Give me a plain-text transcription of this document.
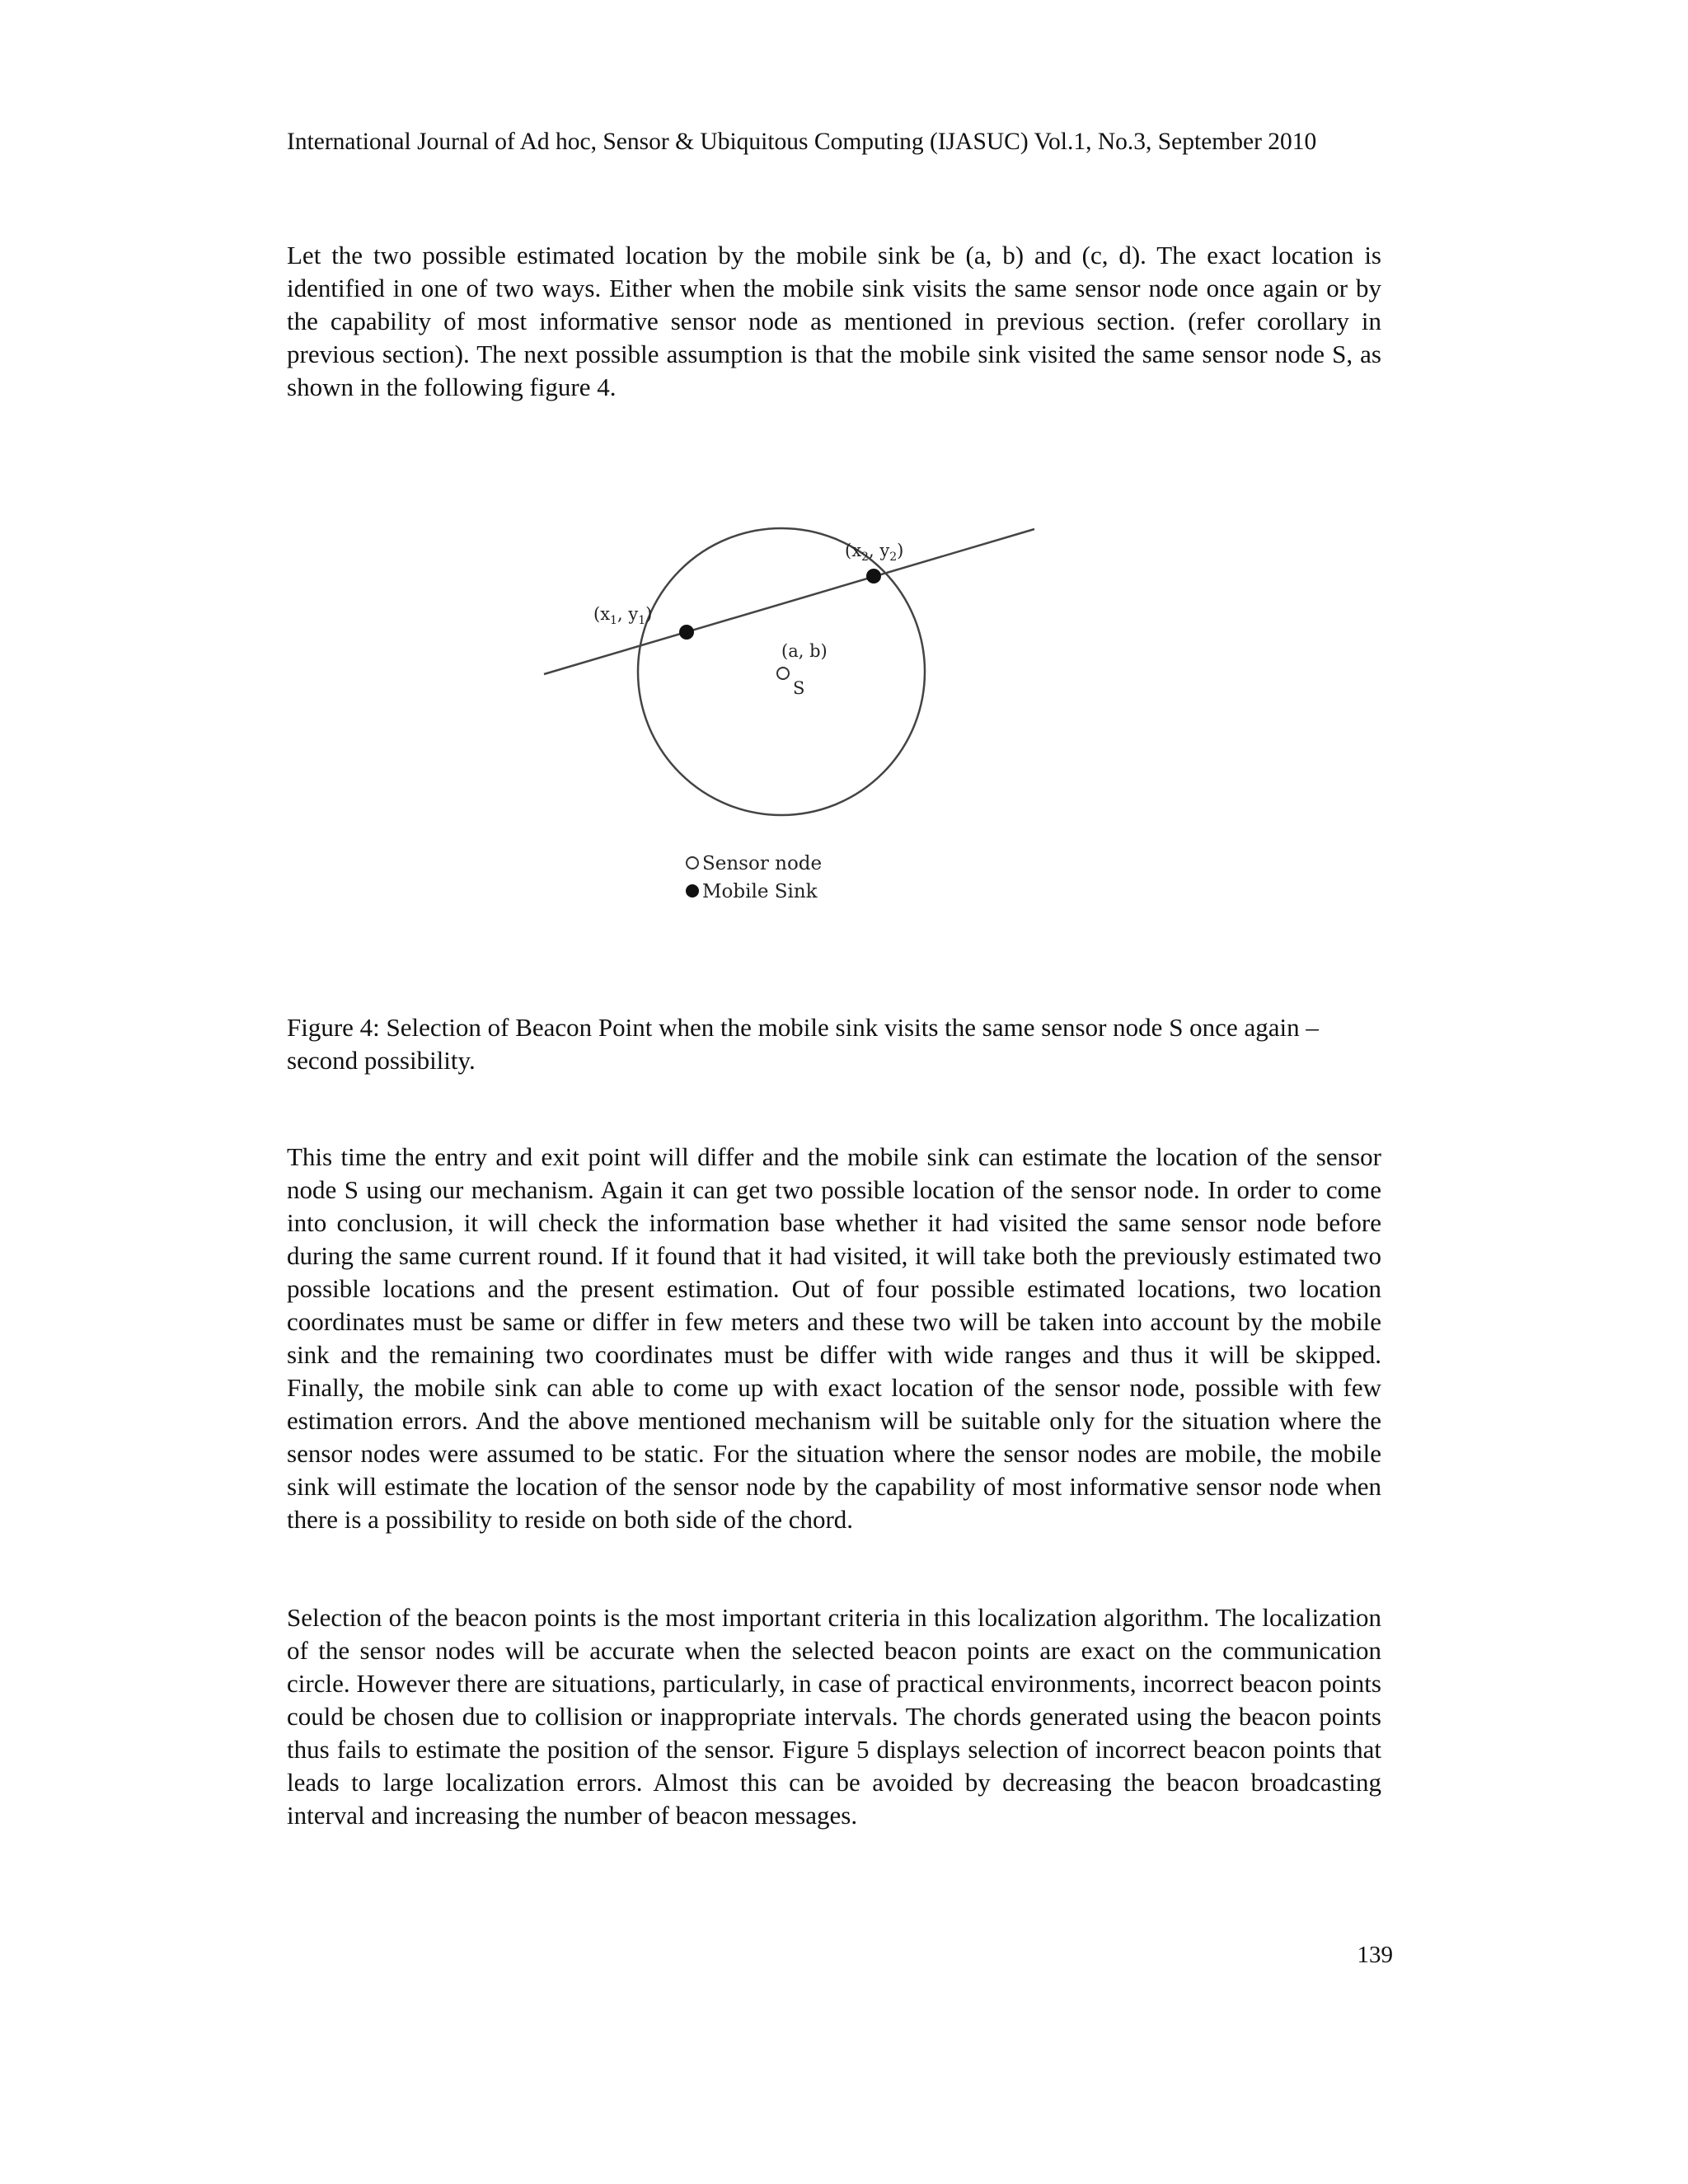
International Journal of Ad hoc, Sensor & Ubiquitous Computing (IJASUC) Vol.1, No.3, September 2010

Let the two possible estimated location by the mobile sink be (a, b) and (c, d). The exact location is identified in one of two ways. Either when the mobile sink visits the same sensor node once again or by the capability of most informative sensor node as mentioned in previous section. (refer corollary in previous section). The next possible assumption is that the mobile sink visited the same sensor node S, as shown in the following figure 4.

($x_1$, $y_1$)
($x_2$, $y_2$)
(a, b)
S
Sensor node
Mobile Sink
Figure 4: Selection of Beacon Point when the mobile sink visits the same sensor node S once again – second possibility.

This time the entry and exit point will differ and the mobile sink can estimate the location of the sensor node S using our mechanism. Again it can get two possible location of the sensor node. In order to come into conclusion, it will check the information base whether it had visited the same sensor node before during the same current round. If it found that it had visited, it will take both the previously estimated two possible locations and the present estimation. Out of four possible estimated locations, two location coordinates must be same or differ in few meters and these two will be taken into account by the mobile sink and the remaining two coordinates must be differ with wide ranges and thus it will be skipped. Finally, the mobile sink can able to come up with exact location of the sensor node, possible with few estimation errors. And the above mentioned mechanism will be suitable only for the situation where the sensor nodes were assumed to be static. For the situation where the sensor nodes are mobile, the mobile sink will estimate the location of the sensor node by the capability of most informative sensor node when there is a possibility to reside on both side of the chord.

Selection of the beacon points is the most important criteria in this localization algorithm. The localization of the sensor nodes will be accurate when the selected beacon points are exact on the communication circle. However there are situations, particularly, in case of practical environments, incorrect beacon points could be chosen due to collision or inappropriate intervals. The chords generated using the beacon points thus fails to estimate the position of the sensor. Figure 5 displays selection of incorrect beacon points that leads to large localization errors. Almost this can be avoided by decreasing the beacon broadcasting interval and increasing the number of beacon messages.

139
